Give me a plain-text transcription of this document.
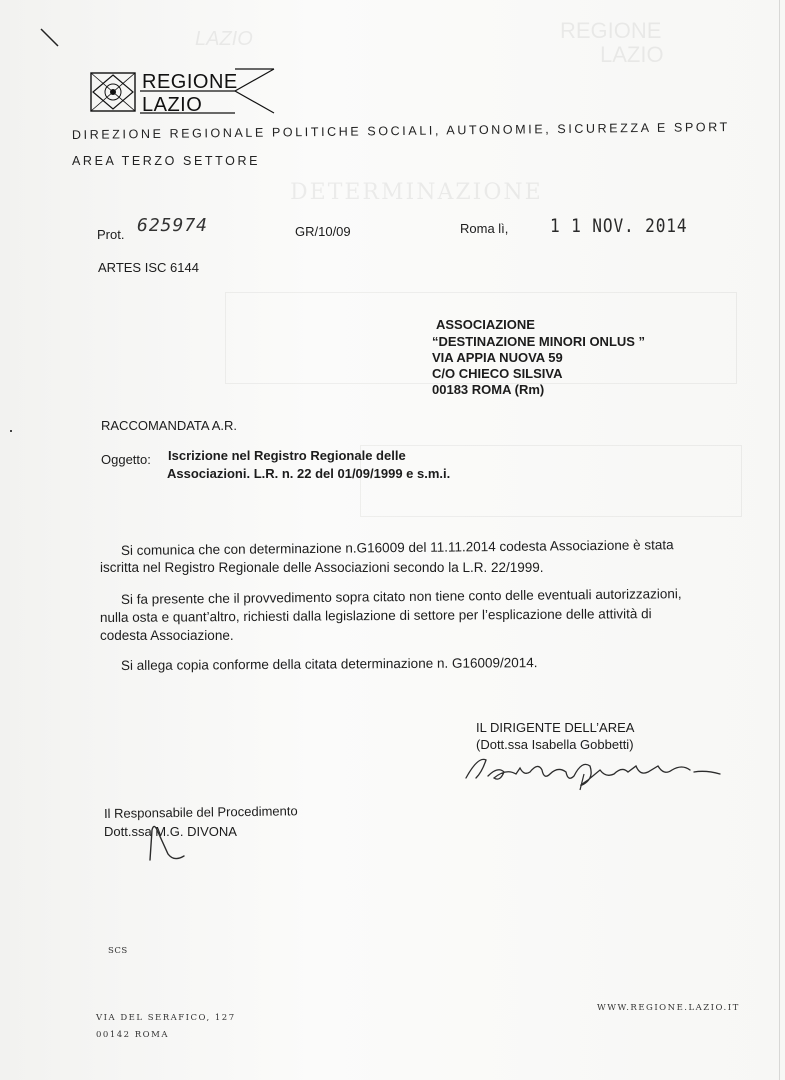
LAZIO	REGIONE
LAZIO
DETERMINAZIONE
REGIONE
LAZIO
DIREZIONE REGIONALE POLITICHE SOCIALI, AUTONOMIE, SICUREZZA E SPORT
AREA TERZO SETTORE
Prot. 625974	GR/10/09	Roma lì, 1 1 NOV. 2014
ARTES ISC 6144
ASSOCIAZIONE
“DESTINAZIONE MINORI ONLUS ”
VIA APPIA NUOVA 59
C/O CHIECO SILSIVA
00183 ROMA (Rm)
RACCOMANDATA A.R.
Oggetto: Iscrizione nel Registro Regionale delle
Associazioni. L.R. n. 22 del 01/09/1999 e s.m.i.
Si comunica che con determinazione n.G16009 del 11.11.2014 codesta Associazione è stata
iscritta nel Registro Regionale delle Associazioni secondo la L.R. 22/1999.
Si fa presente che il provvedimento sopra citato non tiene conto delle eventuali autorizzazioni,
nulla osta e quant’altro, richiesti dalla legislazione di settore per l’esplicazione delle attività di
codesta Associazione.
Si allega copia conforme della citata determinazione n. G16009/2014.
IL DIRIGENTE DELL’AREA
(Dott.ssa Isabella Gobbetti)
Il Responsabile del Procedimento
Dott.ssa M.G. DIVONA
SCS
VIA DEL SERAFICO, 127
00142 ROMA
WWW.REGIONE.LAZIO.IT
